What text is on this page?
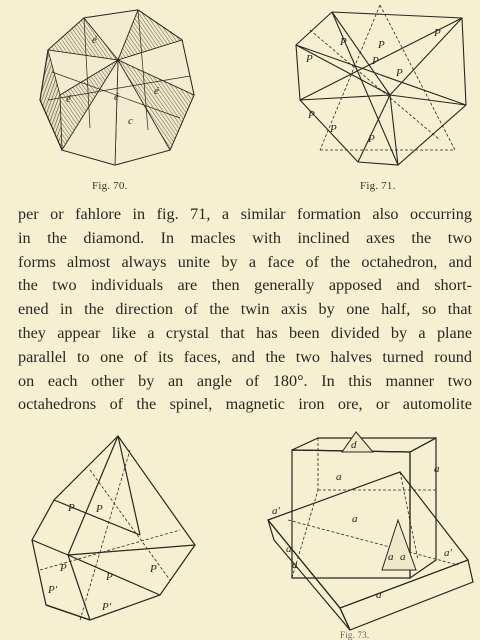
é
é	é	é
c
Fig. 70.
P	P
P
P	P
P
P
P
P
Fig. 71.
per or fahlore in fig. 71, a similar formation also occurring
in the diamond. In macles with inclined axes the two
forms almost always unite by a face of the octahedron, and
the two individuals are then generally apposed and short-
ened in the direction of the twin axis by one half, so that
they appear like a crystal that has been divided by a plane
parallel to one of its faces, and the two halves turned round
on each other by an angle of 180°. In this manner two
octahedrons of the spinel, magnetic iron ore, or automolite
P P
P
P
P
P'
P'
d
a
a
a
a'
a'
a
a a
a
a
Fig. 73.
